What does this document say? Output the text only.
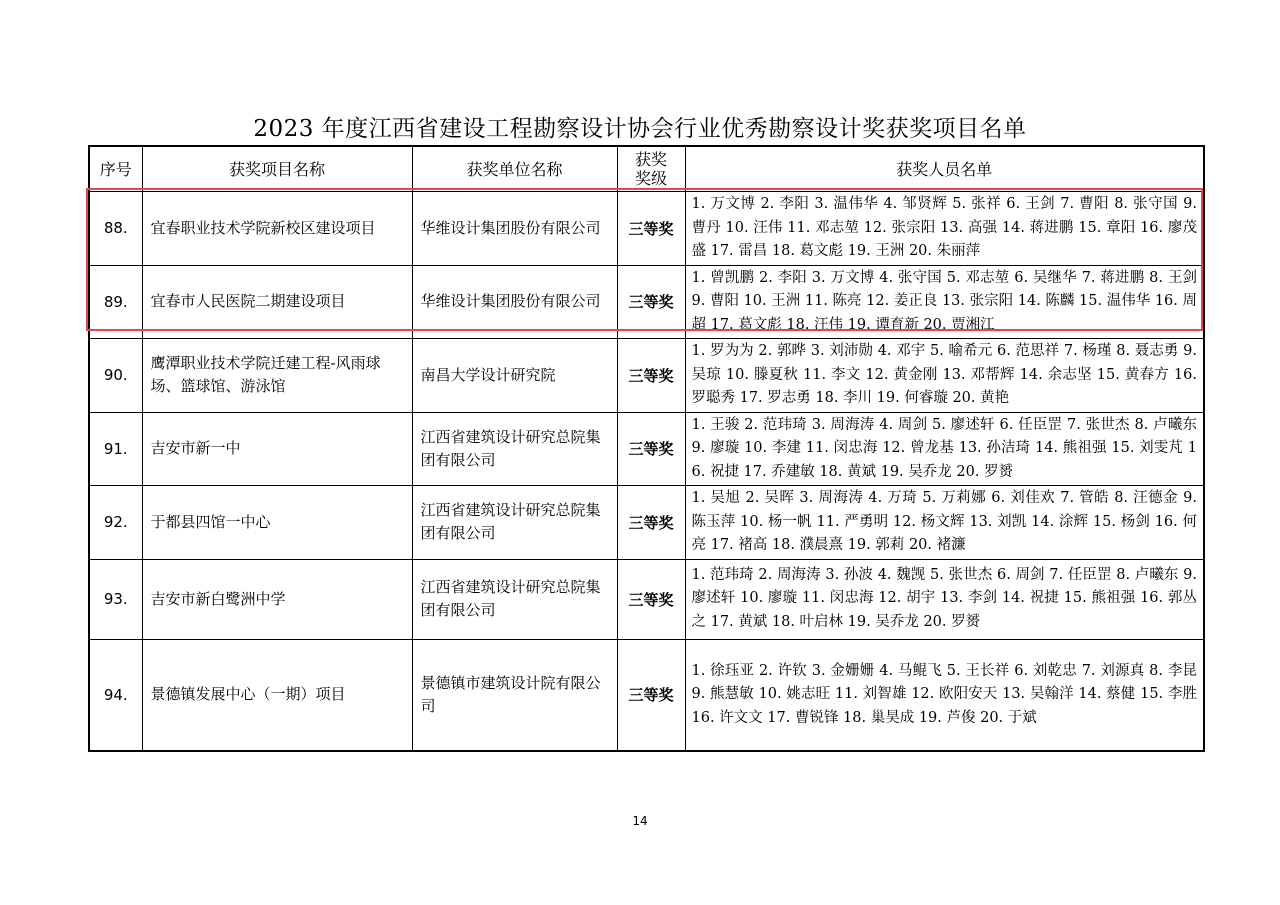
2023 年度江西省建设工程勘察设计协会行业优秀勘察设计奖获奖项目名单
序号	获奖项目名称	获奖单位名称	获奖奖级	获奖人员名单
88.	宜春职业技术学院新校区建设项目	华维设计集团股份有限公司	三等奖	1. 万文博 2. 李阳 3. 温伟华 4. 邹贤辉 5. 张祥 6. 王剑 7. 曹阳 8. 张守国 9. 曹丹 10. 汪伟 11. 邓志堃 12. 张宗阳 13. 高强 14. 蒋进鹏 15. 章阳 16. 廖茂盛 17. 雷昌 18. 葛文彪 19. 王洲 20. 朱丽萍
89.	宜春市人民医院二期建设项目	华维设计集团股份有限公司	三等奖	1. 曾凯鹏 2. 李阳 3. 万文博 4. 张守国 5. 邓志堃 6. 吴继华 7. 蒋进鹏 8. 王剑 9. 曹阳 10. 王洲 11. 陈亮 12. 姜正良 13. 张宗阳 14. 陈麟 15. 温伟华 16. 周超 17. 葛文彪 18. 汪伟 19. 谭育新 20. 贾湘江
90.	鹰潭职业技术学院迁建工程-风雨球场、篮球馆、游泳馆	南昌大学设计研究院	三等奖	1. 罗为为 2. 郭晔 3. 刘沛勋 4. 邓宇 5. 喻希元 6. 范思祥 7. 杨瑾 8. 聂志勇 9. 吴琼 10. 滕夏秋 11. 李文 12. 黄金刚 13. 邓帮辉 14. 余志坚 15. 黄春方 16. 罗聪秀 17. 罗志勇 18. 李川 19. 何睿璇 20. 黄艳
91.	吉安市新一中	江西省建筑设计研究总院集团有限公司	三等奖	1. 王骏 2. 范玮琦 3. 周海涛 4. 周剑 5. 廖述轩 6. 任臣罡 7. 张世杰 8. 卢曦东 9. 廖璇 10. 李建 11. 闵忠海 12. 曾龙基 13. 孙洁琦 14. 熊祖强 15. 刘雯芃 16. 祝捷 17. 乔建敏 18. 黄斌 19. 吴乔龙 20. 罗赟
92.	于都县四馆一中心	江西省建筑设计研究总院集团有限公司	三等奖	1. 吴旭 2. 吴晖 3. 周海涛 4. 万琦 5. 万莉娜 6. 刘佳欢 7. 管皓 8. 汪德金 9. 陈玉萍 10. 杨一帆 11. 严勇明 12. 杨文辉 13. 刘凯 14. 涂辉 15. 杨剑 16. 何亮 17. 褚高 18. 濮晨熹 19. 郭莉 20. 褚濂
93.	吉安市新白鹭洲中学	江西省建筑设计研究总院集团有限公司	三等奖	1. 范玮琦 2. 周海涛 3. 孙波 4. 魏觊 5. 张世杰 6. 周剑 7. 任臣罡 8. 卢曦东 9. 廖述轩 10. 廖璇 11. 闵忠海 12. 胡宇 13. 李剑 14. 祝捷 15. 熊祖强 16. 郭丛之 17. 黄斌 18. 叶启林 19. 吴乔龙 20. 罗赟
94.	景德镇发展中心（一期）项目	景德镇市建筑设计院有限公司	三等奖	1. 徐珏亚 2. 许钦 3. 金姗姗 4. 马鲲飞 5. 王长祥 6. 刘乾忠 7. 刘源真 8. 李昆 9. 熊慧敏 10. 姚志旺 11. 刘智雄 12. 欧阳安天 13. 吴翰洋 14. 蔡健 15. 李胜 16. 许文文 17. 曹锐锋 18. 巢昊成 19. 芦俊 20. 于斌
14
